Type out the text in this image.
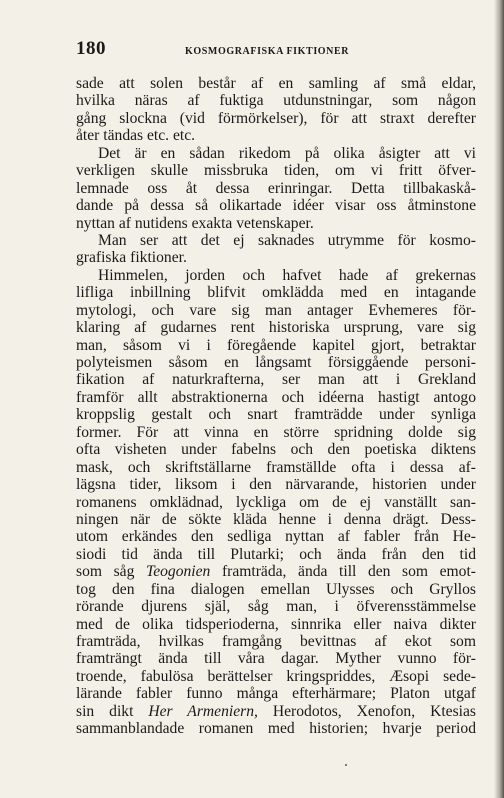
180	KOSMOGRAFISKA FIKTIONER
sade att solen består af en samling af små eldar,
hvilka näras af fuktiga utdunstningar, som någon
gång slockna (vid förmörkelser), för att straxt derefter
åter tändas etc. etc.
Det är en sådan rikedom på olika åsigter att vi
verkligen skulle missbruka tiden, om vi fritt öfver-
lemnade oss åt dessa erinringar. Detta tillbakaskå-
dande på dessa så olikartade idéer visar oss åtminstone
nyttan af nutidens exakta vetenskaper.
Man ser att det ej saknades utrymme för kosmo-
grafiska fiktioner.
Himmelen, jorden och hafvet hade af grekernas
lifliga inbillning blifvit omklädda med en intagande
mytologi, och vare sig man antager Evhemeres för-
klaring af gudarnes rent historiska ursprung, vare sig
man, såsom vi i föregående kapitel gjort, betraktar
polyteismen såsom en långsamt försiggående personi-
fikation af naturkrafterna, ser man att i Grekland
framför allt abstraktionerna och idéerna hastigt antogo
kroppslig gestalt och snart framträdde under synliga
former. För att vinna en större spridning dolde sig
ofta visheten under fabelns och den poetiska diktens
mask, och skriftställarne framställde ofta i dessa af-
lägsna tider, liksom i den närvarande, historien under
romanens omklädnad, lyckliga om de ej vanställt san-
ningen när de sökte kläda henne i denna drägt. Dess-
utom erkändes den sedliga nyttan af fabler från He-
siodi tid ända till Plutarki; och ända från den tid
som såg Teogonien framträda, ända till den som emot-
tog den fina dialogen emellan Ulysses och Gryllos
rörande djurens själ, såg man, i öfverensstämmelse
med de olika tidsperioderna, sinnrika eller naiva dikter
framträda, hvilkas framgång bevittnas af ekot som
framträngt ända till våra dagar. Myther vunno för-
troende, fabulösa berättelser kringspriddes, Æsopi sede-
lärande fabler funno många efterhärmare; Platon utgaf
sin dikt Her Armeniern, Herodotos, Xenofon, Ktesias
sammanblandade romanen med historien; hvarje period
